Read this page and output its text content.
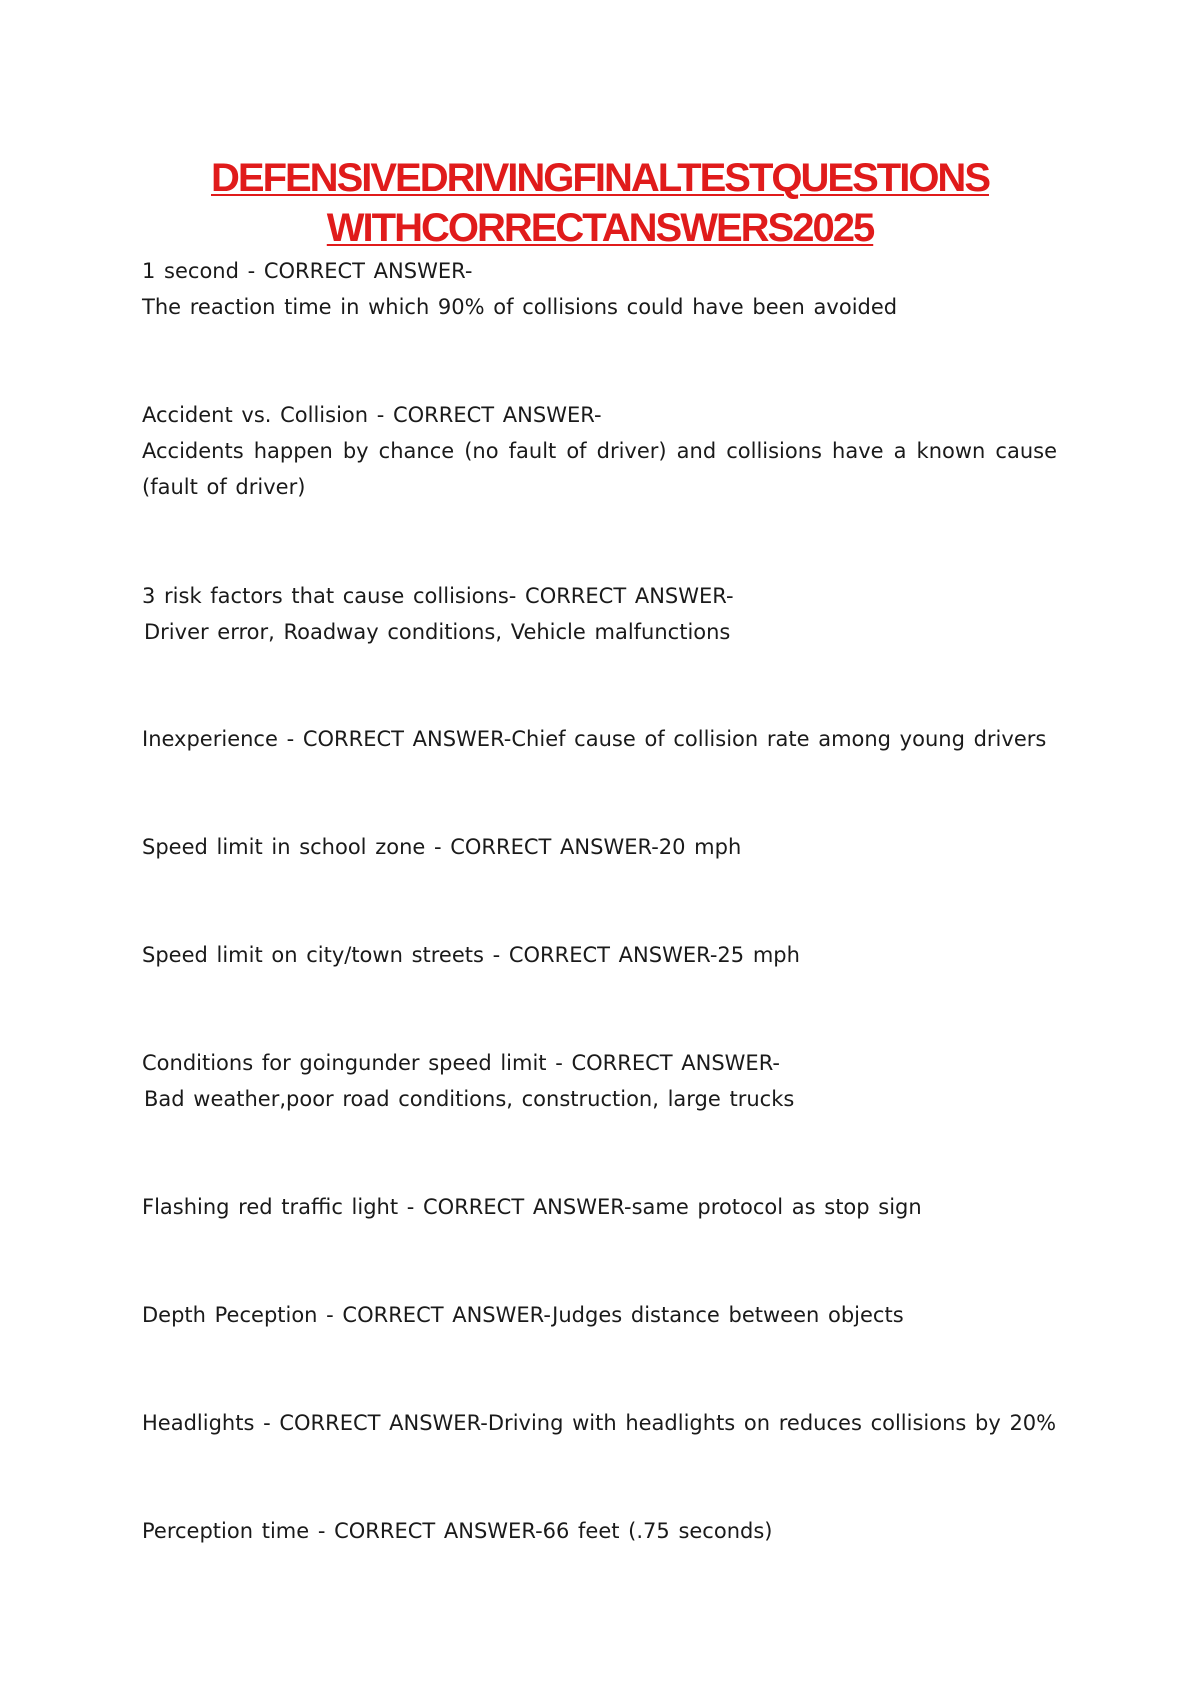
DEFENSIVEDRIVINGFINALTESTQUESTIONS
WITHCORRECTANSWERS2025
1 second - CORRECT ANSWER-
The reaction time in which 90% of collisions could have been avoided
Accident vs. Collision - CORRECT ANSWER-
Accidents happen by chance (no fault of driver) and collisions have a known cause (fault of driver)
3 risk factors that cause collisions- CORRECT ANSWER-
Driver error, Roadway conditions, Vehicle malfunctions
Inexperience - CORRECT ANSWER-Chief cause of collision rate among young drivers
Speed limit in school zone - CORRECT ANSWER-20 mph
Speed limit on city/town streets - CORRECT ANSWER-25 mph
Conditions for goingunder speed limit - CORRECT ANSWER-
Bad weather,poor road conditions, construction, large trucks
Flashing red traffic light - CORRECT ANSWER-same protocol as stop sign
Depth Peception - CORRECT ANSWER-Judges distance between objects
Headlights - CORRECT ANSWER-Driving with headlights on reduces collisions by 20%
Perception time - CORRECT ANSWER-66 feet (.75 seconds)
